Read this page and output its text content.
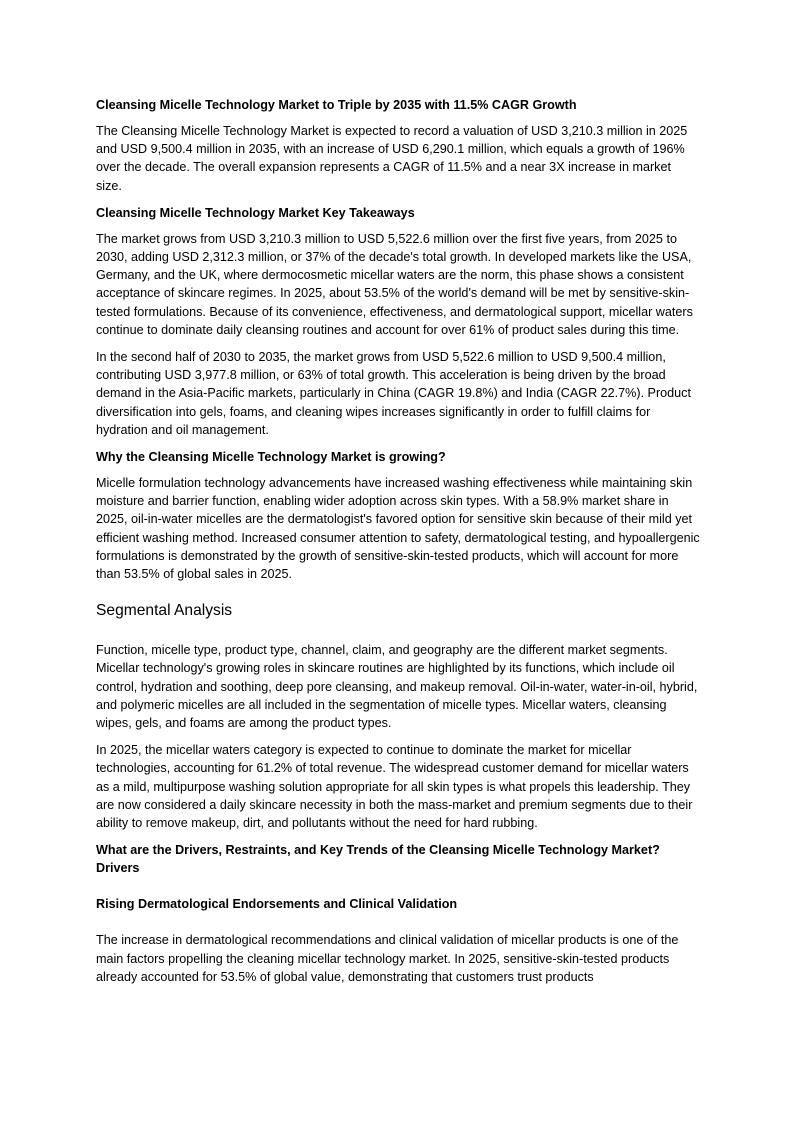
Cleansing Micelle Technology Market to Triple by 2035 with 11.5% CAGR Growth

The Cleansing Micelle Technology Market is expected to record a valuation of USD 3,210.3 million in 2025 and USD 9,500.4 million in 2035, with an increase of USD 6,290.1 million, which equals a growth of 196% over the decade. The overall expansion represents a CAGR of 11.5% and a near 3X increase in market size.

Cleansing Micelle Technology Market Key Takeaways

The market grows from USD 3,210.3 million to USD 5,522.6 million over the first five years, from 2025 to 2030, adding USD 2,312.3 million, or 37% of the decade's total growth. In developed markets like the USA, Germany, and the UK, where dermocosmetic micellar waters are the norm, this phase shows a consistent acceptance of skincare regimes. In 2025, about 53.5% of the world's demand will be met by sensitive-skin-tested formulations. Because of its convenience, effectiveness, and dermatological support, micellar waters continue to dominate daily cleansing routines and account for over 61% of product sales during this time.

In the second half of 2030 to 2035, the market grows from USD 5,522.6 million to USD 9,500.4 million, contributing USD 3,977.8 million, or 63% of total growth. This acceleration is being driven by the broad demand in the Asia-Pacific markets, particularly in China (CAGR 19.8%) and India (CAGR 22.7%). Product diversification into gels, foams, and cleaning wipes increases significantly in order to fulfill claims for hydration and oil management.

Why the Cleansing Micelle Technology Market is growing?

Micelle formulation technology advancements have increased washing effectiveness while maintaining skin moisture and barrier function, enabling wider adoption across skin types. With a 58.9% market share in 2025, oil-in-water micelles are the dermatologist's favored option for sensitive skin because of their mild yet efficient washing method. Increased consumer attention to safety, dermatological testing, and hypoallergenic formulations is demonstrated by the growth of sensitive-skin-tested products, which will account for more than 53.5% of global sales in 2025.

Segmental Analysis

Function, micelle type, product type, channel, claim, and geography are the different market segments. Micellar technology's growing roles in skincare routines are highlighted by its functions, which include oil control, hydration and soothing, deep pore cleansing, and makeup removal. Oil-in-water, water-in-oil, hybrid, and polymeric micelles are all included in the segmentation of micelle types. Micellar waters, cleansing wipes, gels, and foams are among the product types.

In 2025, the micellar waters category is expected to continue to dominate the market for micellar technologies, accounting for 61.2% of total revenue. The widespread customer demand for micellar waters as a mild, multipurpose washing solution appropriate for all skin types is what propels this leadership. They are now considered a daily skincare necessity in both the mass-market and premium segments due to their ability to remove makeup, dirt, and pollutants without the need for hard rubbing.

What are the Drivers, Restraints, and Key Trends of the Cleansing Micelle Technology Market?
Drivers

Rising Dermatological Endorsements and Clinical Validation

The increase in dermatological recommendations and clinical validation of micellar products is one of the main factors propelling the cleaning micellar technology market. In 2025, sensitive-skin-tested products already accounted for 53.5% of global value, demonstrating that customers trust products
